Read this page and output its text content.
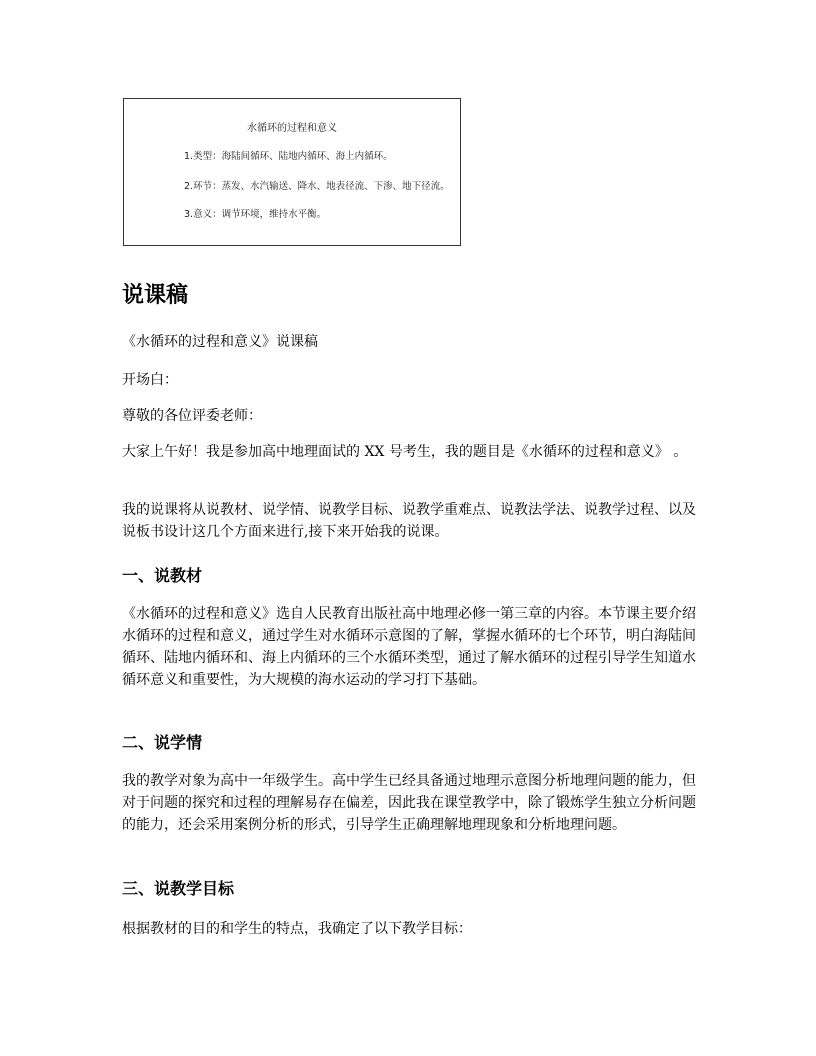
水循环的过程和意义
1.类型：海陆间循环、陆地内循环、海上内循环。
2.环节：蒸发、水汽输送、降水、地表径流、下渗、地下径流。
3.意义：调节环境，维持水平衡。
说课稿

《水循环的过程和意义》说课稿

开场白：

尊敬的各位评委老师：

大家上午好！我是参加高中地理面试的 XX 号考生，我的题目是《水循环的过程和意义》 。

我的说课将从说教材、说学情、说教学目标、说教学重难点、说教法学法、说教学过程、以及说板书设计这几个方面来进行,接下来开始我的说课。

一、说教材

《水循环的过程和意义》选自人民教育出版社高中地理必修一第三章的内容。本节课主要介绍水循环的过程和意义，通过学生对水循环示意图的了解，掌握水循环的七个环节，明白海陆间循环、陆地内循环和、海上内循环的三个水循环类型，通过了解水循环的过程引导学生知道水循环意义和重要性，为大规模的海水运动的学习打下基础。

二、说学情

我的教学对象为高中一年级学生。高中学生已经具备通过地理示意图分析地理问题的能力，但对于问题的探究和过程的理解易存在偏差，因此我在课堂教学中，除了锻炼学生独立分析问题的能力，还会采用案例分析的形式，引导学生正确理解地理现象和分析地理问题。

三、说教学目标

根据教材的目的和学生的特点，我确定了以下教学目标：
